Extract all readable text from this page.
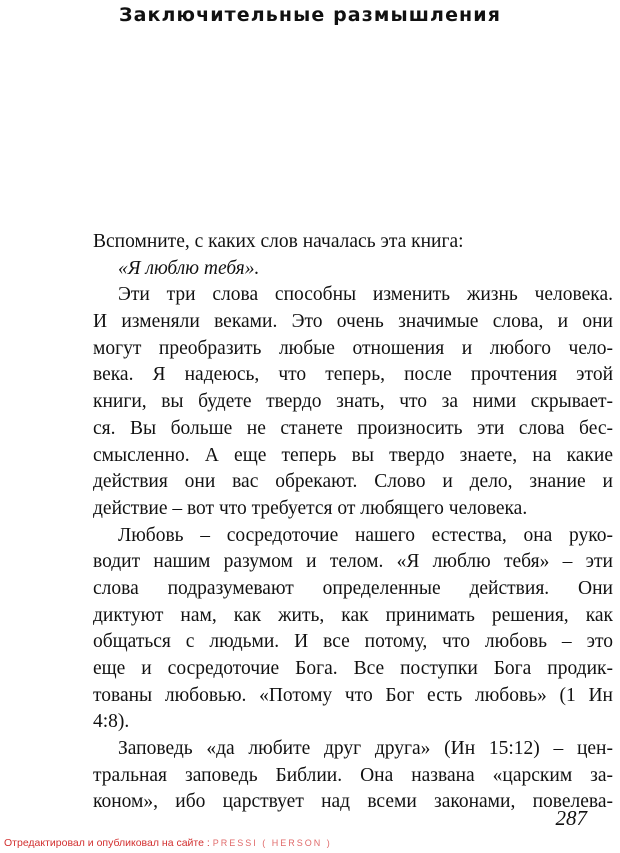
Заключительные размышления
Вспомните, с каких слов началась эта книга:
«Я люблю тебя».
Эти три слова способны изменить жизнь человека.
И изменяли веками. Это очень значимые слова, и они
могут преобразить любые отношения и любого чело-
века. Я надеюсь, что теперь, после прочтения этой
книги, вы будете твердо знать, что за ними скрывает-
ся. Вы больше не станете произносить эти слова бес-
смысленно. А еще теперь вы твердо знаете, на какие
действия они вас обрекают. Слово и дело, знание и
действие – вот что требуется от любящего человека.
Любовь – сосредоточие нашего естества, она руко-
водит нашим разумом и телом. «Я люблю тебя» – эти
слова подразумевают определенные действия. Они
диктуют нам, как жить, как принимать решения, как
общаться с людьми. И все потому, что любовь – это
еще и сосредоточие Бога. Все поступки Бога продик-
тованы любовью. «Потому что Бог есть любовь» (1 Ин
4:8).
Заповедь «да любите друг друга» (Ин 15:12) – цен-
тральная заповедь Библии. Она названа «царским за-
коном», ибо царствует над всеми законами, повелева-
287
Отредактировал и опубликовал на сайте : PRESSI ( HERSON )
